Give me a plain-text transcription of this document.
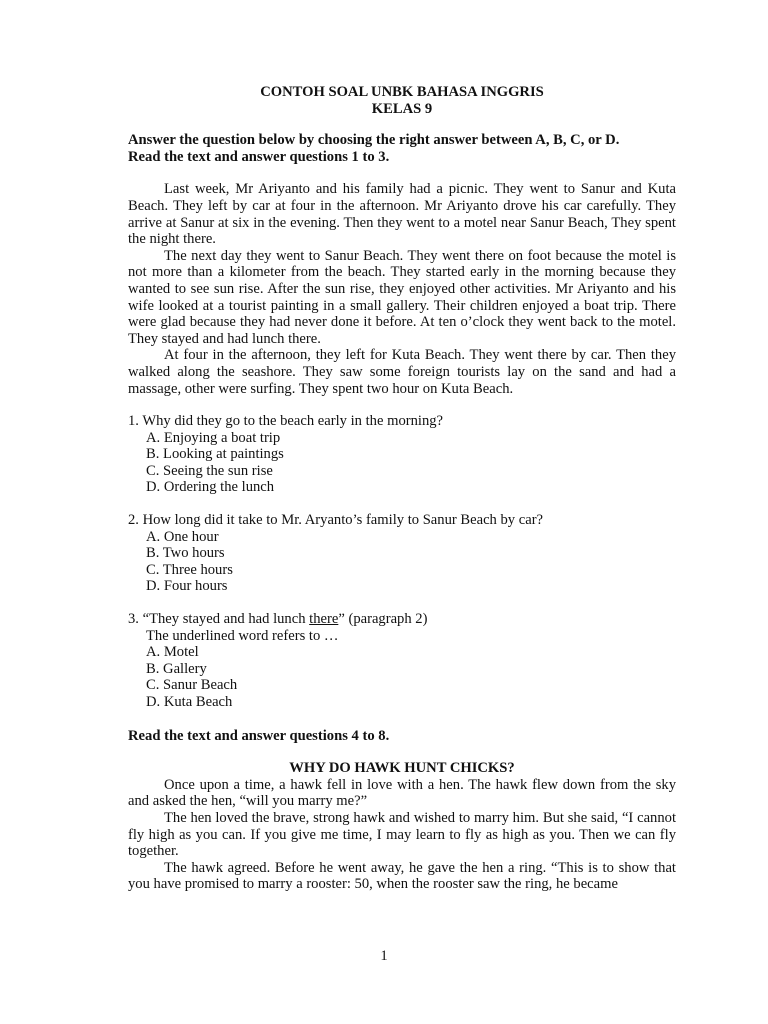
CONTOH SOAL UNBK BAHASA INGGRIS

KELAS 9

Answer the question below by choosing the right answer between A, B, C, or D.

Read the text and answer questions 1 to 3.

Last week, Mr Ariyanto and his family had a picnic. They went to Sanur and Kuta Beach. They left by car at four in the afternoon. Mr Ariyanto drove his car carefully. They arrive at Sanur at six in the evening. Then they went to a motel near Sanur Beach, They spent the night there.

The next day they went to Sanur Beach. They went there on foot because the motel is not more than a kilometer from the beach. They started early in the morning because they wanted to see sun rise. After the sun rise, they enjoyed other activities. Mr Ariyanto and his wife looked at a tourist painting in a small gallery. Their children enjoyed a boat trip. There were glad because they had never done it before. At ten o’clock they went back to the motel. They stayed and had lunch there.

At four in the afternoon, they left for Kuta Beach. They went there by car. Then they walked along the seashore. They saw some foreign tourists lay on the sand and had a massage, other were surfing. They spent two hour on Kuta Beach.

1. Why did they go to the beach early in the morning?

A. Enjoying a boat trip
B. Looking at paintings
C. Seeing the sun rise
D. Ordering the lunch

2. How long did it take to Mr. Aryanto’s family to Sanur Beach by car?

A. One hour
B. Two hours
C. Three hours
D. Four hours

3. “They stayed and had lunch there” (paragraph 2)

The underlined word refers to …
A. Motel
B. Gallery
C. Sanur Beach
D. Kuta Beach

Read the text and answer questions 4 to 8.

WHY DO HAWK HUNT CHICKS?

Once upon a time, a hawk fell in love with a hen. The hawk flew down from the sky and asked the hen, “will you marry me?”

The hen loved the brave, strong hawk and wished to marry him. But she said, “I cannot fly high as you can. If you give me time, I may learn to fly as high as you. Then we can fly together.

The hawk agreed. Before he went away, he gave the hen a ring. “This is to show that you have promised to marry a rooster: 50, when the rooster saw the ring, he became

1
